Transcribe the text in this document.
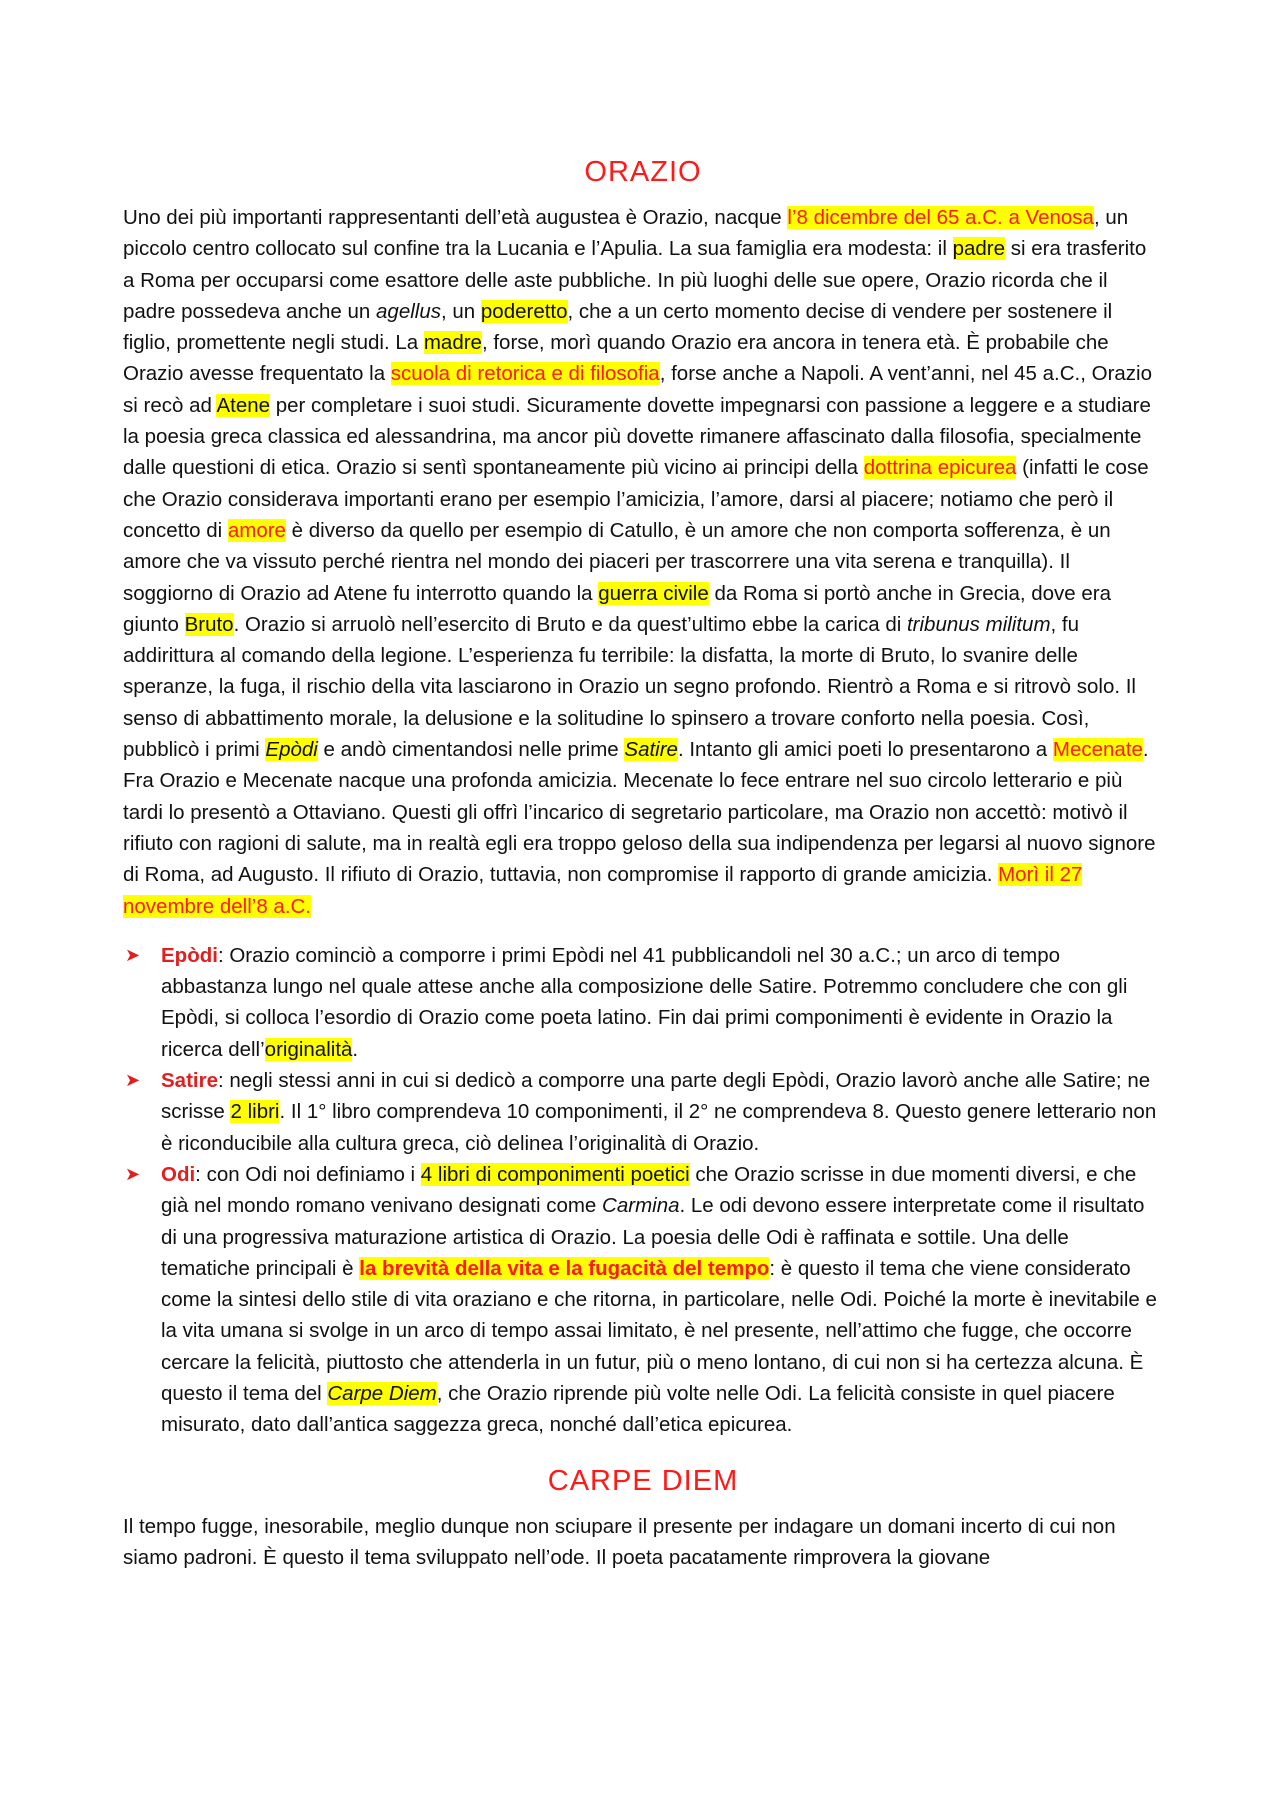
ORAZIO

Uno dei più importanti rappresentanti dell’età augustea è Orazio, nacque l’8 dicembre del 65 a.C. a Venosa, un piccolo centro collocato sul confine tra la Lucania e l’Apulia. La sua famiglia era modesta: il padre si era trasferito a Roma per occuparsi come esattore delle aste pubbliche. In più luoghi delle sue opere, Orazio ricorda che il padre possedeva anche un agellus, un poderetto, che a un certo momento decise di vendere per sostenere il figlio, promettente negli studi. La madre, forse, morì quando Orazio era ancora in tenera età. È probabile che Orazio avesse frequentato la scuola di retorica e di filosofia, forse anche a Napoli. A vent’anni, nel 45 a.C., Orazio si recò ad Atene per completare i suoi studi. Sicuramente dovette impegnarsi con passione a leggere e a studiare la poesia greca classica ed alessandrina, ma ancor più dovette rimanere affascinato dalla filosofia, specialmente dalle questioni di etica. Orazio si sentì spontaneamente più vicino ai principi della dottrina epicurea (infatti le cose che Orazio considerava importanti erano per esempio l’amicizia, l’amore, darsi al piacere; notiamo che però il concetto di amore è diverso da quello per esempio di Catullo, è un amore che non comporta sofferenza, è un amore che va vissuto perché rientra nel mondo dei piaceri per trascorrere una vita serena e tranquilla). Il soggiorno di Orazio ad Atene fu interrotto quando la guerra civile da Roma si portò anche in Grecia, dove era giunto Bruto. Orazio si arruolò nell’esercito di Bruto e da quest’ultimo ebbe la carica di tribunus militum, fu addirittura al comando della legione. L’esperienza fu terribile: la disfatta, la morte di Bruto, lo svanire delle speranze, la fuga, il rischio della vita lasciarono in Orazio un segno profondo. Rientrò a Roma e si ritrovò solo. Il senso di abbattimento morale, la delusione e la solitudine lo spinsero a trovare conforto nella poesia. Così, pubblicò i primi Epòdi e andò cimentandosi nelle prime Satire. Intanto gli amici poeti lo presentarono a Mecenate. Fra Orazio e Mecenate nacque una profonda amicizia. Mecenate lo fece entrare nel suo circolo letterario e più tardi lo presentò a Ottaviano. Questi gli offrì l’incarico di segretario particolare, ma Orazio non accettò: motivò il rifiuto con ragioni di salute, ma in realtà egli era troppo geloso della sua indipendenza per legarsi al nuovo signore di Roma, ad Augusto. Il rifiuto di Orazio, tuttavia, non compromise il rapporto di grande amicizia. Morì il 27 novembre dell’8 a.C.

➤ Epòdi: Orazio cominciò a comporre i primi Epòdi nel 41 pubblicandoli nel 30 a.C.; un arco di tempo abbastanza lungo nel quale attese anche alla composizione delle Satire. Potremmo concludere che con gli Epòdi, si colloca l’esordio di Orazio come poeta latino. Fin dai primi componimenti è evidente in Orazio la ricerca dell’originalità.
➤ Satire: negli stessi anni in cui si dedicò a comporre una parte degli Epòdi, Orazio lavorò anche alle Satire; ne scrisse 2 libri. Il 1° libro comprendeva 10 componimenti, il 2° ne comprendeva 8. Questo genere letterario non è riconducibile alla cultura greca, ciò delinea l’originalità di Orazio.
➤ Odi: con Odi noi definiamo i 4 libri di componimenti poetici che Orazio scrisse in due momenti diversi, e che già nel mondo romano venivano designati come Carmina. Le odi devono essere interpretate come il risultato di una progressiva maturazione artistica di Orazio. La poesia delle Odi è raffinata e sottile. Una delle tematiche principali è la brevità della vita e la fugacità del tempo: è questo il tema che viene considerato come la sintesi dello stile di vita oraziano e che ritorna, in particolare, nelle Odi. Poiché la morte è inevitabile e la vita umana si svolge in un arco di tempo assai limitato, è nel presente, nell’attimo che fugge, che occorre cercare la felicità, piuttosto che attenderla in un futur, più o meno lontano, di cui non si ha certezza alcuna. È questo il tema del Carpe Diem, che Orazio riprende più volte nelle Odi. La felicità consiste in quel piacere misurato, dato dall’antica saggezza greca, nonché dall’etica epicurea.
CARPE DIEM

Il tempo fugge, inesorabile, meglio dunque non sciupare il presente per indagare un domani incerto di cui non siamo padroni. È questo il tema sviluppato nell’ode. Il poeta pacatamente rimprovera la giovane
